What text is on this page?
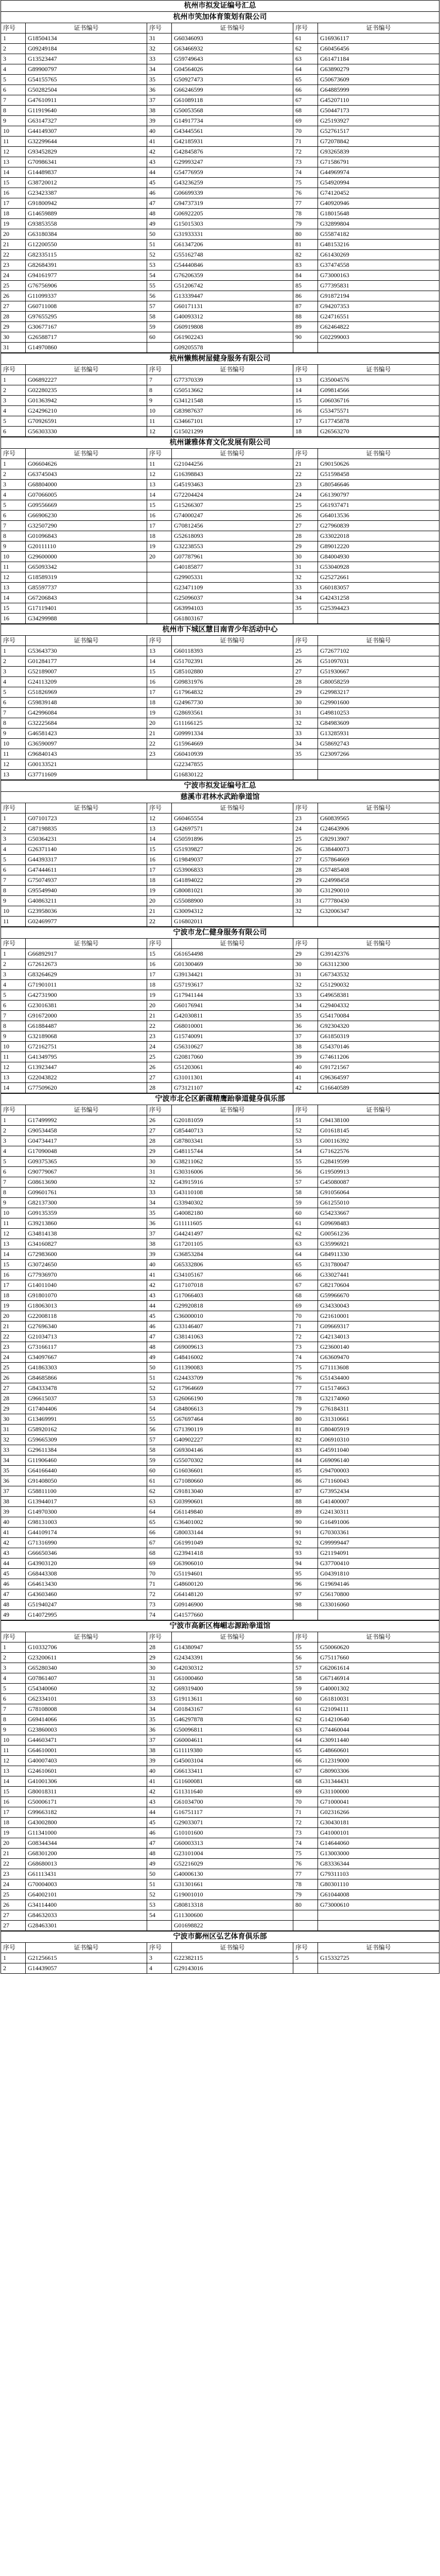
杭州市拟发证编号汇总					
杭州市笑加体育策划有限公司					
序号	证书编号	序号	证书编号	序号	证书编号
1	G18504134	31	G60346093	61	G16936117
2	G09249184	32	G63466932	62	G60456456
3	G13523447	33	G59749643	63	G61471184
4	G89900797	34	G04564026	64	G63890279
5	G54155765	35	G50927473	65	G50673609
6	G50282504	36	G66246599	66	G64885999
7	G47610911	37	G61089118	67	G45207110
8	G11919640	38	G50053568	68	G50447173
9	G63147327	39	G14917734	69	G25193927
10	G44149307	40	G43445561	70	G52761517
11	G32299644	41	G42185931	71	G72078842
12	G93452829	42	G42845876	72	G93265839
13	G70986341	43	G29993247	73	G71586791
14	G14489837	44	G54776959	74	G44969974
15	G38720012	45	G43236259	75	G54920994
16	G23423387	46	G06699339	76	G74120452
17	G91800942	47	G94737319	77	G40920946
18	G14659889	48	G06922205	78	G18015648
19	G93853558	49	G15015303	79	G32899804
20	G63180384	50	G31933331	80	G55874182
21	G12200550	51	G61347206	81	G48153216
22	G82335115	52	G55162748	82	G61430269
23	G82684391	53	G54440846	83	G37474558
24	G94161977	54	G76206359	84	G73000163
25	G76756906	55	G51206742	85	G77395831
26	G11099337	56	G13339447	86	G91872194
27	G60711008	57	G60171131	87	G94207353
28	G97655295	58	G40093312	88	G24716551
29	G30677167	59	G60919808	89	G62464822
30	G26588717	60	G61902243	90	G02299003
31	G14970860		G09205578		
杭州懒熊树屋健身服务有限公司					
序号	证书编号	序号	证书编号	序号	证书编号
1	G06892227	7	G77370339	13	G35004576
2	G02280235	8	G50513662	14	G09814566
3	G01363942	9	G34121548	15	G06036716
4	G24296210	10	G83987637	16	G53475571
5	G70926591	11	G34667101	17	G17745878
6	G56303330	12	G15021299	18	G26563270
杭州谦雅体育文化发展有限公司					
序号	证书编号	序号	证书编号	序号	证书编号
1	G06604626	11	G21044256	21	G90150626
2	G63745043	12	G16398843	22	G51598458
3	G68804000	13	G45193463	23	G80546646
4	G07066005	14	G72204424	24	G61390797
5	G09556669	15	G15266307	25	G61937471
6	G66906230	16	G74000247	26	G64013536
7	G32507290	17	G70812456	27	G27960839
8	G01096843	18	G52618093	28	G33022018
9	G20111110	19	G32238553	29	G89012220
10	G29600000	20	G07787961	30	G84004930
11	G65093342		G40185877	31	G53040928
12	G18589319		G29905331	32	G25272661
13	G85597737		G23471109	33	G60183057
14	G67206843		G25096037	34	G42431258
15	G17119401		G63994103	35	G25394423
16	G34299988		G61803167		
杭州市下城区慧目南青少年活动中心					
序号	证书编号	序号	证书编号	序号	证书编号
1	G53643730	13	G60118393	25	G72677102
2	G01284177	14	G51702391	26	G51097031
3	G52189007	15	G85102880	27	G51930667
4	G24113209	16	G09831976	28	G80058259
5	G51826969	17	G17964832	29	G29983217
6	G59839148	18	G24967730	30	G29901600
7	G42996084	19	G28693561	31	G49810253
8	G32225684	20	G11166125	32	G84983609
9	G46581423	21	G09991334	33	G13285931
10	G36590097	22	G15964669	34	G58692743
11	G96840143	23	G60410939	35	G23097266
12	G00133521		G22347855		
13	G37711609		G16830122		
宁波市拟发证编号汇总					
慈溪市君林水武跆拳道馆					
序号	证书编号	序号	证书编号	序号	证书编号
1	G07101723	12	G60465554	23	G60839565
2	G87198835	13	G42697571	24	G24643906
3	G50364231	14	G50591896	25	G92913907
4	G26371140	15	G51939827	26	G38440073
5	G44393317	16	G19849037	27	G57864669
6	G47444611	17	G53906833	28	G57485408
7	G75074937	18	G41894022	29	G24998458
8	G95549940	19	G80081021	30	G31290010
9	G40863211	20	G55088900	31	G77780430
10	G23958036	21	G30094312	32	G32006347
11	G02469977	22	G16802011		
宁波市龙仁健身服务有限公司					
序号	证书编号	序号	证书编号	序号	证书编号
1	G66892917	15	G61654498	29	G39142376
2	G72612673	16	G01300469	30	G63112300
3	G83264629	17	G39134421	31	G67343532
4	G71901011	18	G57193617	32	G51290032
5	G42731900	19	G17941144	33	G49658381
6	G23016381	20	G60176941	34	G29404332
7	G91672000	21	G42030811	35	G54170084
8	G61884487	22	G68010001	36	G92304320
9	G32189068	23	G15740091	37	G61850319
10	G72162751	24	G56310627	38	G54370146
11	G41349795	25	G20817060	39	G74611206
12	G13923447	26	G51203061	40	G91721567
13	G22043822	27	G31011301	41	G96364597
14	G77509620	28	G73121107	42	G16640589
宁波市北仑区新碟精鹰跆拳道健身俱乐部					
序号	证书编号	序号	证书编号	序号	证书编号
1	G17499992	26	G20181059	51	G94138100
2	G90534458	27	G85440713	52	G01618145
3	G04734417	28	G87803341	53	G00116392
4	G17090048	29	G48115744	54	G71622576
5	G09375365	30	G38211062	55	G28419599
6	G90779067	31	G30316006	56	G19509913
7	G08613690	32	G43915916	57	G45080087
8	G09601761	33	G43110108	58	G91056064
9	G82137300	34	G33940302	59	G61255010
10	G09135359	35	G40082180	60	G54233667
11	G39213860	36	G11111605	61	G09698483
12	G34814138	37	G44241497	62	G00561236
13	G34160827	38	G17201105	63	G35996921
14	G72983600	39	G36853284	64	G84911330
15	G30724650	40	G65332806	65	G31780047
16	G77936970	41	G34105167	66	G33027441
17	G14011040	42	G17107018	67	G82170604
18	G91801070	43	G17066403	68	G59966670
19	G18063013	44	G29920818	69	G34330043
20	G22008118	45	G36000010	70	G21610001
21	G27696340	46	G33146407	71	G09669317
22	G21034713	47	G38141063	72	G42134013
23	G73166117	48	G69009613	73	G23600140
24	G34097667	49	G48416002	74	G63609470
25	G41863303	50	G11390083	75	G71113608
26	G84685866	51	G24433709	76	G51434400
27	G84333478	52	G17964669	77	G15174663
28	G96615037	53	G26066190	78	G32174060
29	G17404406	54	G84806613	79	G76184311
30	G13469991	55	G67697464	80	G31310661
31	G58920162	56	G71390119	81	G80405919
32	G59665309	57	G40902227	82	G06910310
33	G29611384	58	G69304146	83	G45911040
34	G11906460	59	G55070302	84	G69096140
35	G64166440	60	G16036601	85	G94700003
36	G91408050	61	G71080660	86	G71160043
37	G58811100	62	G91813040	87	G73952434
38	G13944017	63	G03990601	88	G41400007
39	G14970300	64	G61149840	89	G24130311
40	G98131003	65	G36401002	90	G16491006
41	G44109174	66	G80033144	91	G70303361
42	G71316990	67	G61991049	92	G99999447
43	G66650346	68	G23941418	93	G21194091
44	G43903120	69	G63906010	94	G37700410
45	G68443308	70	G51194601	95	G04391810
46	G64613430	71	G48600120	96	G19694146
47	G43603460	72	G64148120	97	G56170800
48	G51940247	73	G09146900	98	G33016060
49	G14072995	74	G41577660		
宁波市高新区梅嵋志源跆拳道馆					
序号	证书编号	序号	证书编号	序号	证书编号
1	G10332706	28	G14380947	55	G50060620
2	G23200611	29	G24343391	56	G75117660
3	G65280340	30	G42030312	57	G62061614
4	G07861407	31	G61000460	58	G67146914
5	G54340060	32	G69319400	59	G40001302
6	G62334101	33	G19113611	60	G61810031
7	G78108008	34	G01843167	61	G21094111
8	G69414066	35	G46297878	62	G14210640
9	G23860003	36	G50096811	63	G74460044
10	G44603471	37	G60004611	64	G30911440
11	G64610001	38	G11119380	65	G48660601
12	G40007403	39	G45003104	66	G12319000
13	G24610601	40	G66133411	67	G80903306
14	G41001306	41	G11600081	68	G31344431
15	G80018311	42	G11311640	69	G31100000
16	G50006171	43	G61034700	70	G71000041
17	G99663182	44	G16751117	71	G02316266
18	G43002800	45	G29033071	72	G30430181
19	G11341000	46	G10101600	73	G41000101
20	G08344344	47	G60003313	74	G14644060
21	G68301200	48	G23101004	75	G13003000
22	G68680013	49	G52216029	76	G83336344
23	G61113431	50	G40006130	77	G79311103
24	G70004003	51	G31301661	78	G80301110
25	G64002101	52	G19001010	79	G61044008
26	G34114400	53	G80813318	80	G73000610
27	G84632033	54	G11300600		
27	G28463301		G01698822		
宁波市鄞州区弘艺体育俱乐部					
序号	证书编号	序号	证书编号	序号	证书编号
1	G21256615	3	G22382115	5	G15332725
2	G14439057	4	G29143016		
